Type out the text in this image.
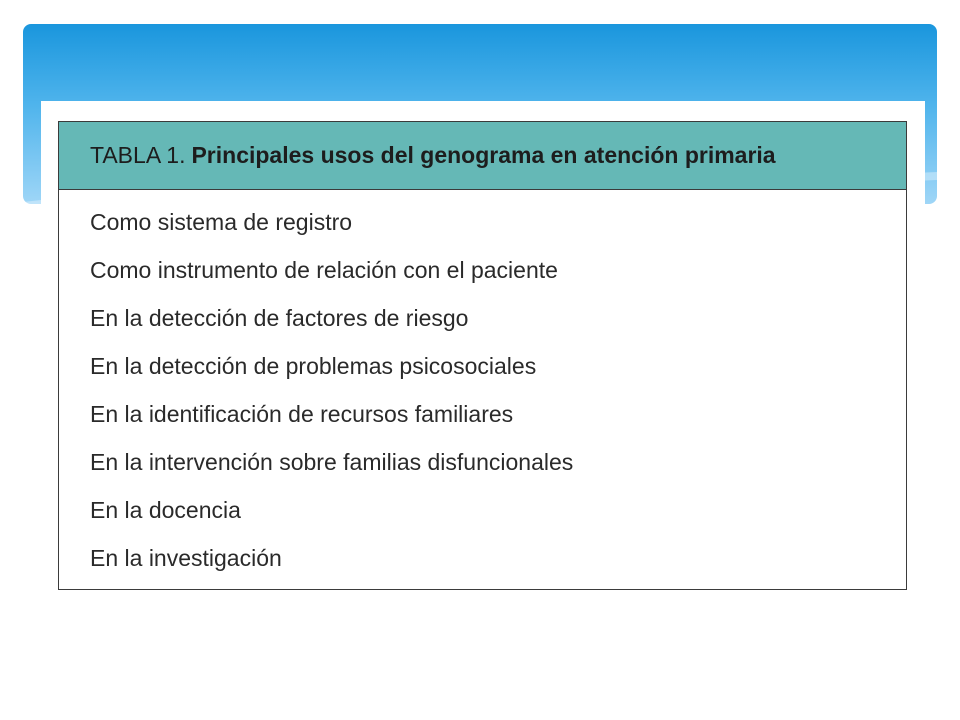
TABLA 1. Principales usos del genograma en atención primaria
Como sistema de registro
Como instrumento de relación con el paciente
En la detección de factores de riesgo
En la detección de problemas psicosociales
En la identificación de recursos familiares
En la intervención sobre familias disfuncionales
En la docencia
En la investigación
